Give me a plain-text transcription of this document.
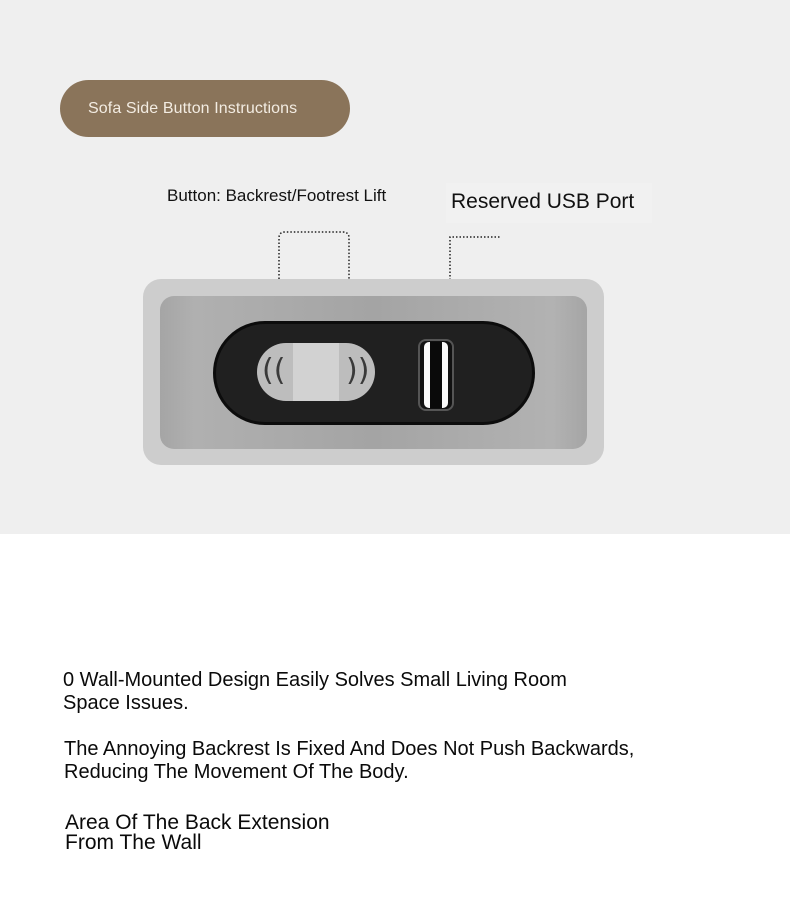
Sofa Side Button Instructions
Button: Backrest/Footrest Lift	Reserved USB Port
(( ))
0 Wall-Mounted Design Easily Solves Small Living Room
Space Issues.
The Annoying Backrest Is Fixed And Does Not Push Backwards,
Reducing The Movement Of The Body.
Area Of The Back Extension
From The Wall
